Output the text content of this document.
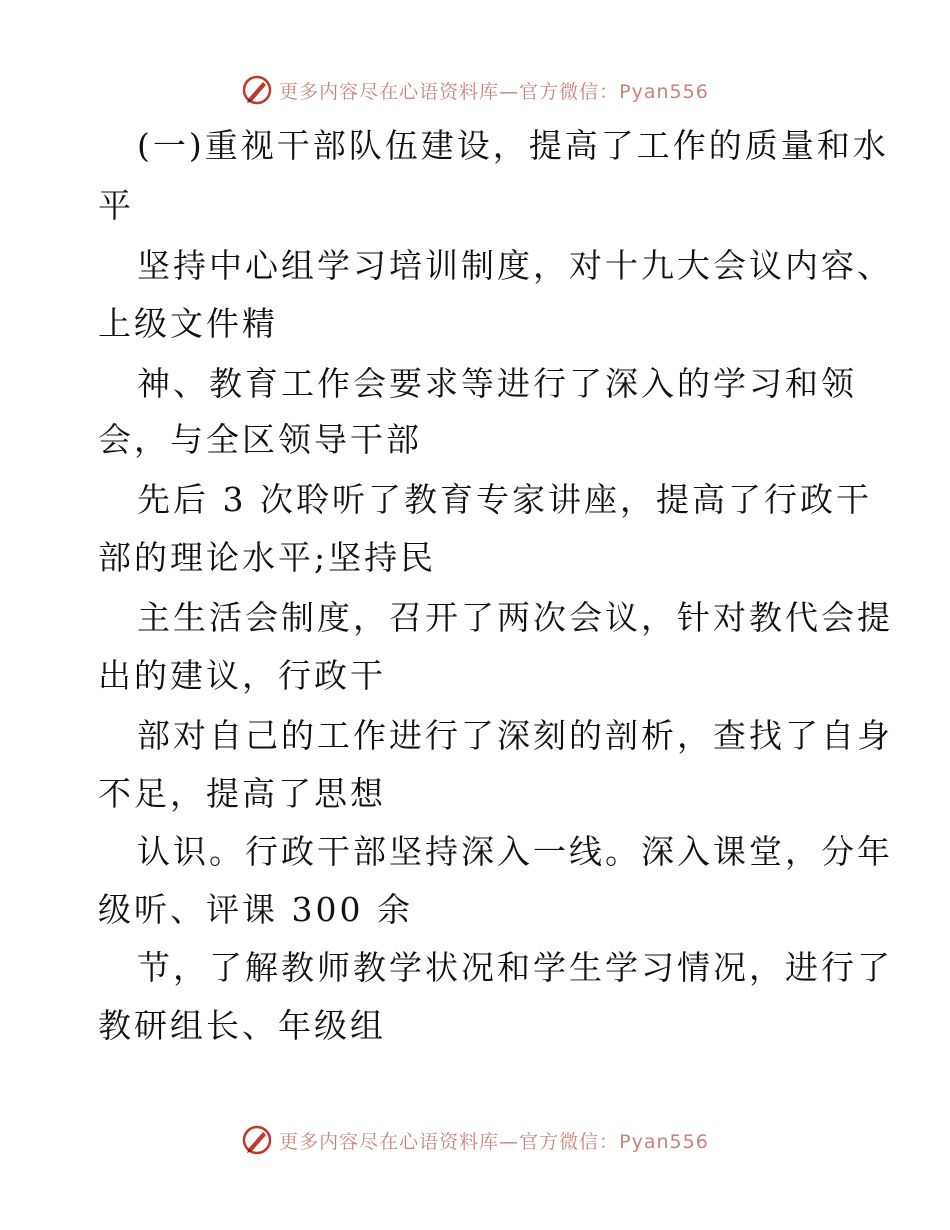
更多内容尽在心语资料库—官方微信：Pyan556
(一)重视干部队伍建设，提高了工作的质量和水
平
坚持中心组学习培训制度，对十九大会议内容、
上级文件精
神、教育工作会要求等进行了深入的学习和领
会，与全区领导干部
先后 3 次聆听了教育专家讲座，提高了行政干
部的理论水平;坚持民
主生活会制度，召开了两次会议，针对教代会提
出的建议，行政干
部对自己的工作进行了深刻的剖析，查找了自身
不足，提高了思想
认识。行政干部坚持深入一线。深入课堂，分年
级听、评课 300 余
节，了解教师教学状况和学生学习情况，进行了
教研组长、年级组
更多内容尽在心语资料库—官方微信：Pyan556
